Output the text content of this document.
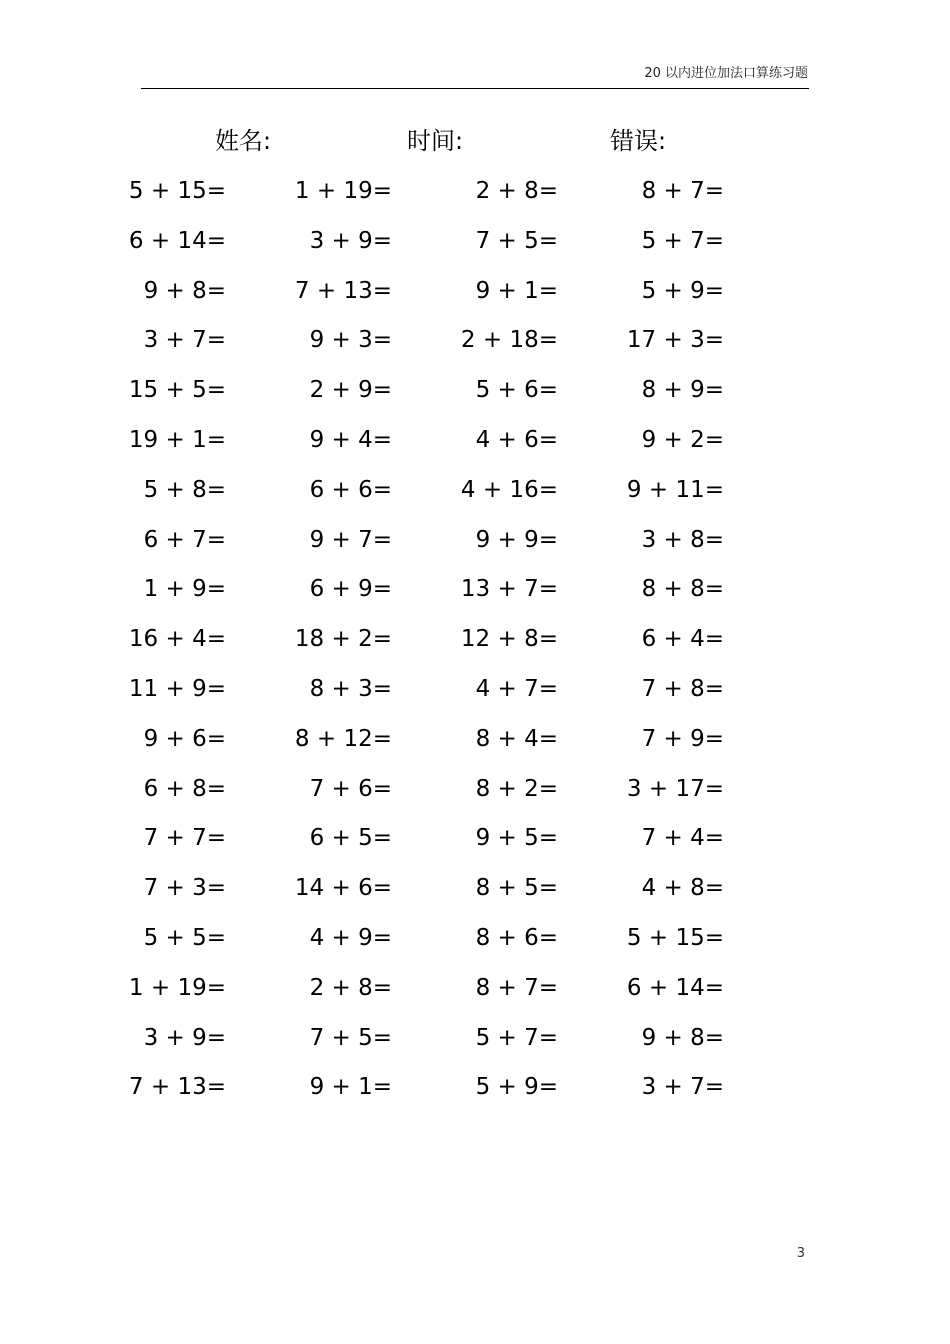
20 以内进位加法口算练习题
姓名:	时间:	错误:
5 + 15=	1 + 19=	2 + 8=	8 + 7=
6 + 14=	3 + 9=	7 + 5=	5 + 7=
9 + 8=	7 + 13=	9 + 1=	5 + 9=
3 + 7=	9 + 3=	2 + 18=	17 + 3=
15 + 5=	2 + 9=	5 + 6=	8 + 9=
19 + 1=	9 + 4=	4 + 6=	9 + 2=
5 + 8=	6 + 6=	4 + 16=	9 + 11=
6 + 7=	9 + 7=	9 + 9=	3 + 8=
1 + 9=	6 + 9=	13 + 7=	8 + 8=
16 + 4=	18 + 2=	12 + 8=	6 + 4=
11 + 9=	8 + 3=	4 + 7=	7 + 8=
9 + 6=	8 + 12=	8 + 4=	7 + 9=
6 + 8=	7 + 6=	8 + 2=	3 + 17=
7 + 7=	6 + 5=	9 + 5=	7 + 4=
7 + 3=	14 + 6=	8 + 5=	4 + 8=
5 + 5=	4 + 9=	8 + 6=	5 + 15=
1 + 19=	2 + 8=	8 + 7=	6 + 14=
3 + 9=	7 + 5=	5 + 7=	9 + 8=
7 + 13=	9 + 1=	5 + 9=	3 + 7=
3
